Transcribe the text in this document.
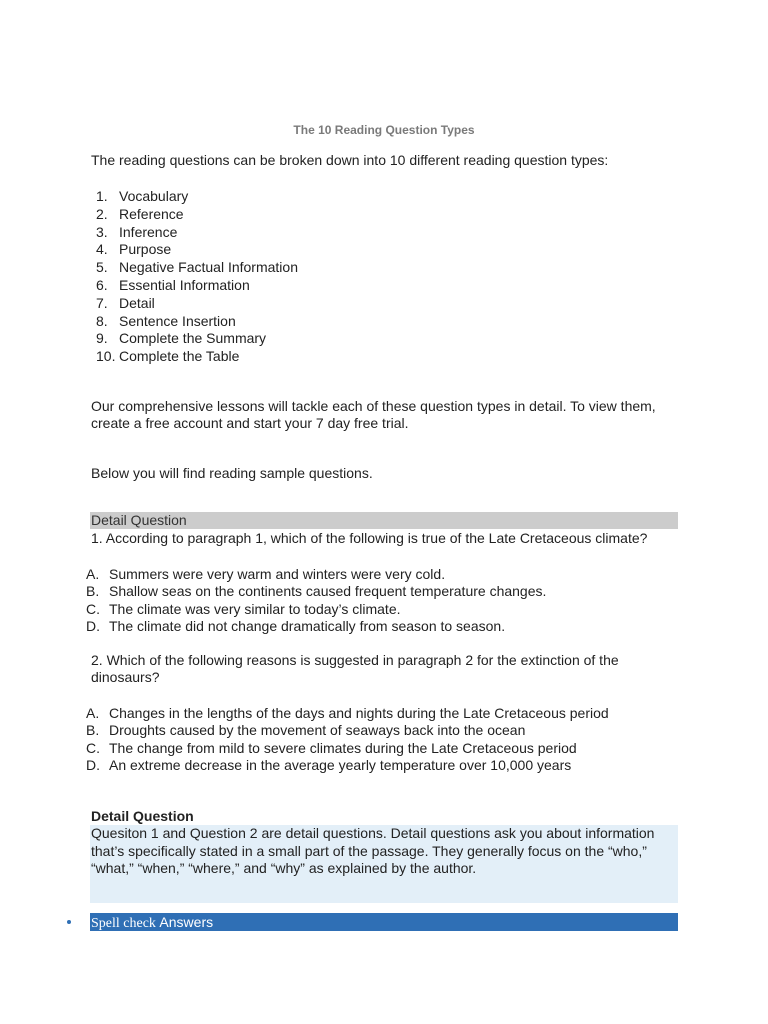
The 10 Reading Question Types
The reading questions can be broken down into 10 different reading question types:
1. Vocabulary
2. Reference
3. Inference
4. Purpose
5. Negative Factual Information
6. Essential Information
7. Detail
8. Sentence Insertion
9. Complete the Summary
10. Complete the Table
Our comprehensive lessons will tackle each of these question types in detail. To view them, create a free account and start your 7 day free trial.
Below you will find reading sample questions.
Detail Question
1. According to paragraph 1, which of the following is true of the Late Cretaceous climate?
A. Summers were very warm and winters were very cold.
B. Shallow seas on the continents caused frequent temperature changes.
C. The climate was very similar to today’s climate.
D. The climate did not change dramatically from season to season.
2. Which of the following reasons is suggested in paragraph 2 for the extinction of the dinosaurs?
A. Changes in the lengths of the days and nights during the Late Cretaceous period
B. Droughts caused by the movement of seaways back into the ocean
C. The change from mild to severe climates during the Late Cretaceous period
D. An extreme decrease in the average yearly temperature over 10,000 years
Detail Question
Quesiton 1 and Question 2 are detail questions. Detail questions ask you about information
that’s specifically stated in a small part of the passage. They generally focus on the “who,”
“what,” “when,” “where,” and “why” as explained by the author.
Spell check Answers
